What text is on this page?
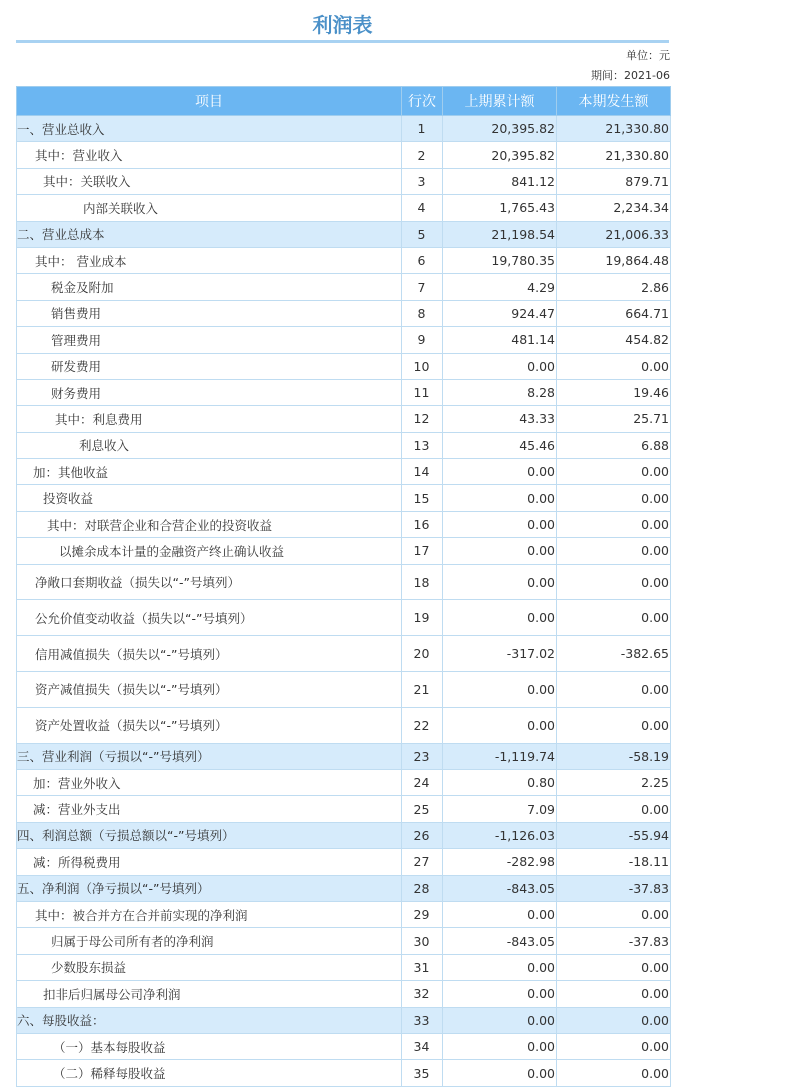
利润表
单位：元
期间：2021-06
项目	行次	上期累计额	本期发生额
一、营业总收入	1	20,395.82	21,330.80
其中：营业收入	2	20,395.82	21,330.80
其中：关联收入	3	841.12	879.71
内部关联收入	4	1,765.43	2,234.34
二、营业总成本	5	21,198.54	21,006.33
其中： 营业成本	6	19,780.35	19,864.48
税金及附加	7	4.29	2.86
销售费用	8	924.47	664.71
管理费用	9	481.14	454.82
研发费用	10	0.00	0.00
财务费用	11	8.28	19.46
其中：利息费用	12	43.33	25.71
利息收入	13	45.46	6.88
加：其他收益	14	0.00	0.00
投资收益	15	0.00	0.00
其中：对联营企业和合营企业的投资收益	16	0.00	0.00
以摊余成本计量的金融资产终止确认收益	17	0.00	0.00
净敞口套期收益（损失以“-”号填列）	18	0.00	0.00
公允价值变动收益（损失以“-”号填列）	19	0.00	0.00
信用减值损失（损失以“-”号填列）	20	-317.02	-382.65
资产减值损失（损失以“-”号填列）	21	0.00	0.00
资产处置收益（损失以“-”号填列）	22	0.00	0.00
三、营业利润（亏损以“-”号填列）	23	-1,119.74	-58.19
加：营业外收入	24	0.80	2.25
减：营业外支出	25	7.09	0.00
四、利润总额（亏损总额以“-”号填列）	26	-1,126.03	-55.94
减：所得税费用	27	-282.98	-18.11
五、净利润（净亏损以“-”号填列）	28	-843.05	-37.83
其中：被合并方在合并前实现的净利润	29	0.00	0.00
归属于母公司所有者的净利润	30	-843.05	-37.83
少数股东损益	31	0.00	0.00
扣非后归属母公司净利润	32	0.00	0.00
六、每股收益：	33	0.00	0.00
（一）基本每股收益	34	0.00	0.00
（二）稀释每股收益	35	0.00	0.00
